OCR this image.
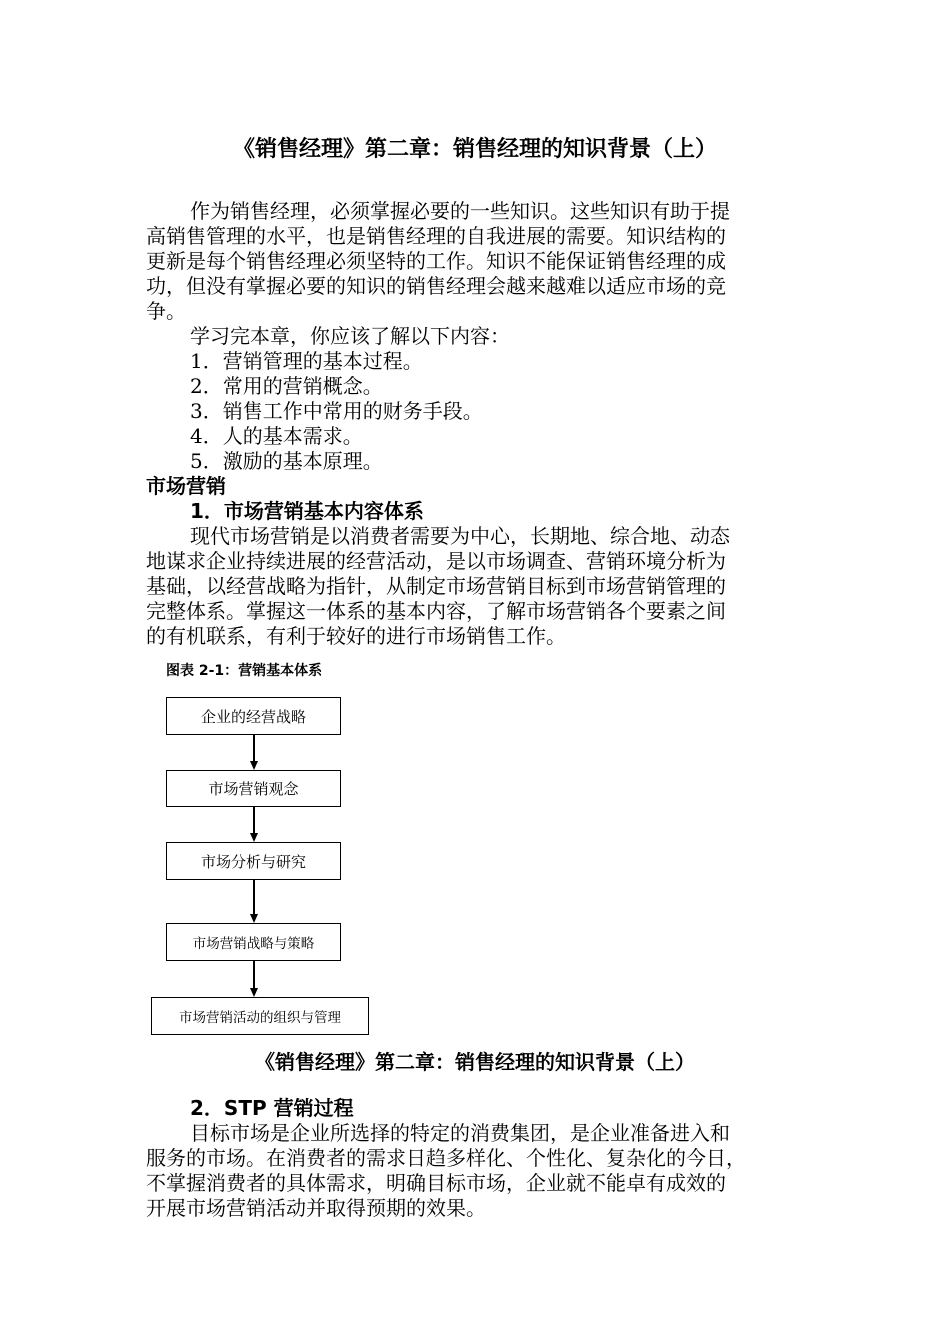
《销售经理》第二章：销售经理的知识背景（上）
作为销售经理，必须掌握必要的一些知识。这些知识有助于提
高销售管理的水平，也是销售经理的自我进展的需要。知识结构的
更新是每个销售经理必须坚特的工作。知识不能保证销售经理的成
功，但没有掌握必要的知识的销售经理会越来越难以适应市场的竞
争。
学习完本章，你应该了解以下内容：
1．营销管理的基本过程。
2．常用的营销概念。
3．销售工作中常用的财务手段。
4．人的基本需求。
5．激励的基本原理。
市场营销
1．市场营销基本内容体系
现代市场营销是以消费者需要为中心，长期地、综合地、动态
地谋求企业持续进展的经营活动，是以市场调查、营销环境分析为
基础，以经营战略为指针，从制定市场营销目标到市场营销管理的
完整体系。掌握这一体系的基本内容，了解市场营销各个要素之间
的有机联系，有利于较好的进行市场销售工作。
图表 2-1：营销基本体系
企业的经营战略
市场营销观念
市场分析与研究
市场营销战略与策略
市场营销活动的组织与管理
《销售经理》第二章：销售经理的知识背景（上）
2．STP 营销过程
目标市场是企业所选择的特定的消费集团，是企业准备进入和
服务的市场。在消费者的需求日趋多样化、个性化、复杂化的今日，
不掌握消费者的具体需求，明确目标市场，企业就不能卓有成效的
开展市场营销活动并取得预期的效果。
